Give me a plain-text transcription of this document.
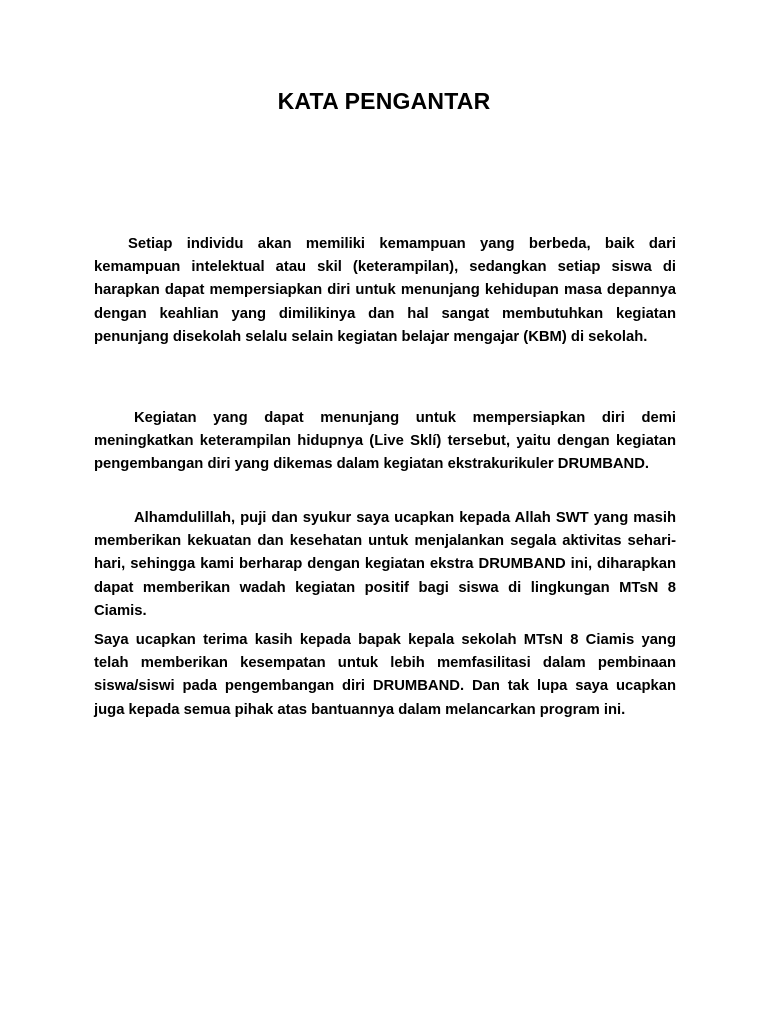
KATA PENGANTAR

Setiap individu akan memiliki kemampuan yang berbeda, baik dari kemampuan intelektual atau skil (keterampilan), sedangkan setiap siswa di harapkan dapat mempersiapkan diri untuk menunjang kehidupan masa depannya dengan keahlian yang dimilikinya dan hal sangat membutuhkan kegiatan penunjang disekolah selalu selain kegiatan belajar mengajar (KBM) di sekolah.

Kegiatan yang dapat menunjang untuk mempersiapkan diri demi meningkatkan keterampilan hidupnya (Live Sklí) tersebut, yaitu dengan kegiatan pengembangan diri yang dikemas dalam kegiatan ekstrakurikuler DRUMBAND.

Alhamdulillah, puji dan syukur saya ucapkan kepada Allah SWT yang masih memberikan kekuatan dan kesehatan untuk menjalankan segala aktivitas sehari-hari, sehingga kami berharap dengan kegiatan ekstra DRUMBAND ini, diharapkan dapat memberikan wadah kegiatan positif bagi siswa di lingkungan MTsN 8 Ciamis.

Saya ucapkan terima kasih kepada bapak kepala sekolah MTsN 8 Ciamis yang telah memberikan kesempatan untuk lebih memfasilitasi dalam pembinaan siswa/siswi pada pengembangan diri DRUMBAND. Dan tak lupa saya ucapkan juga kepada semua pihak atas bantuannya dalam melancarkan program ini.
